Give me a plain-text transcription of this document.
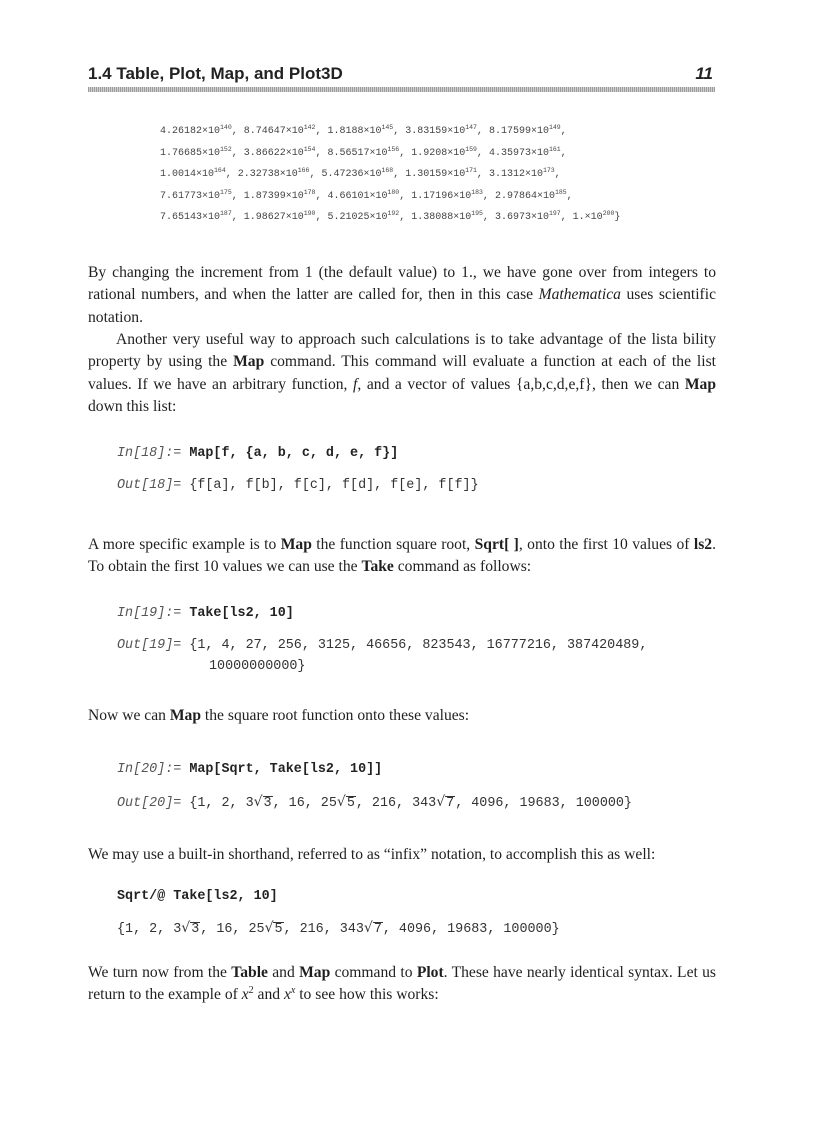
1.4 Table, Plot, Map, and Plot3D	11
$4.26182\times 10^{140}$, $8.74647\times 10^{142}$, $1.8188\times 10^{145}$, $3.83159\times 10^{147}$, $8.17599\times 10^{149}$,
$1.76685\times 10^{152}$, $3.86622\times 10^{154}$, $8.56517\times 10^{156}$, $1.9208\times 10^{159}$, $4.35973\times 10^{161}$,
$1.0014\times 10^{164}$, $2.32738\times 10^{166}$, $5.47236\times 10^{168}$, $1.30159\times 10^{171}$, $3.1312\times 10^{173}$,
$7.61773\times 10^{175}$, $1.87399\times 10^{178}$, $4.66101\times 10^{180}$, $1.17196\times 10^{183}$, $2.97864\times 10^{185}$,
$7.65143\times 10^{187}$, $1.98627\times 10^{190}$, $5.21025\times 10^{192}$, $1.38088\times 10^{195}$, $3.6973\times 10^{197}$, $1.\times 10^{200}$}
By changing the increment from 1 (the default value) to 1., we have gone over from integers to rational numbers, and when the latter are called for, then in this case Mathematica uses scientific notation.
Another very useful way to approach such calculations is to take advantage of the lista bility property by using the Map command. This command will evaluate a function at each of the list values. If we have an arbitrary function, f, and a vector of values {a,b,c,d,e,f}, then we can Map down this list:
In[18]:= Map[f, {a, b, c, d, e, f}]
Out[18]= {f[a], f[b], f[c], f[d], f[e], f[f]}
A more specific example is to Map the function square root, Sqrt[ ], onto the first 10 values of ls2. To obtain the first 10 values we can use the Take command as follows:
In[19]:= Take[ls2, 10]
Out[19]= {1, 4, 27, 256, 3125, 46656, 823543, 16777216, 387420489,
10000000000}
Now we can Map the square root function onto these values:
In[20]:= Map[Sqrt, Take[ls2, 10]]
Out[20]= {1, 2, 3√3, 16, 25√5, 216, 343√7, 4096, 19683, 100000}
We may use a built-in shorthand, referred to as “infix” notation, to accomplish this as well:
Sqrt/@ Take[ls2, 10]
{1, 2, 3√3, 16, 25√5, 216, 343√7, 4096, 19683, 100000}
We turn now from the Table and Map command to Plot. These have nearly identical syntax. Let us return to the example of $x^2$ and $x^x$ to see how this works:
